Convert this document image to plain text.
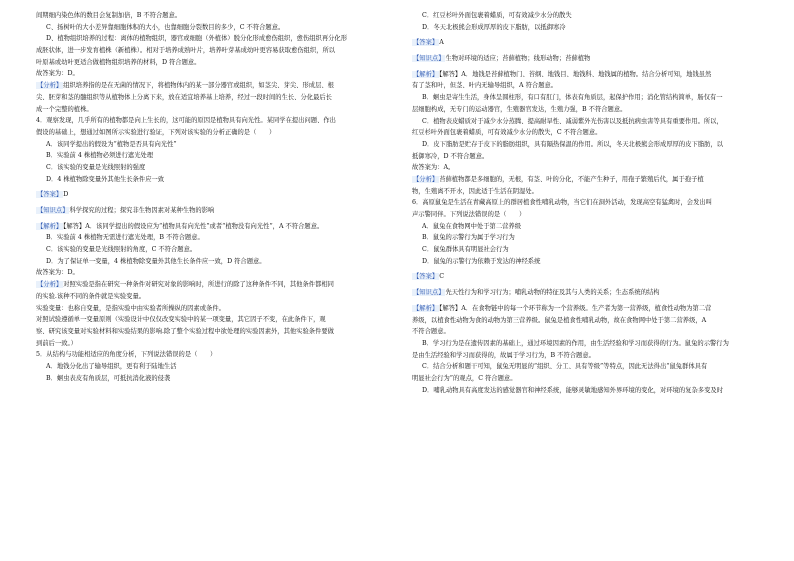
间期细内染色体的数目会复制加倍，B 不符合题意。
C、扬树叶的大小差异靠细胞体积的大小，也靠细胞分裂数目的多少，C 不符合题意。
D、植物组织培养的过程：离体的植物组织，器官或细胞（外植体）脱分化形成愈伤组织，愈伤组织再分化形
成胚状体，进一步发育植株（新植株）。相对于培养成熟叶片，培养叶芽基成幼叶更容易获取愈伤组织，所以
叶原基或幼叶更适合做植物组织培养的材料，D 符合题意。
故答案为：D。
【分析】组织培养指的是在无菌的情况下，将植物体内的某一部分器官或组织，如茎尖、芽尖、形成层、根
尖、胚芽和茎的髓组织等从植物体上分离下来，放在适宜培养基上培养，经过一段时间的生长、分化最后长
成一个完整的植株。
4．观察发现，几乎所有的植物都是向上生长的，这可能的原因是植物具有向光性。某同学在提出问题、作出
假设的基础上，想通过如图所示实验进行验证，下列对该实验的分析正确的是（　　）
A．该同学提出的假设为“植物是否具有向光性”
B．实验前 4 株植物必须进行遮光处理
C．该实验的变量是光线照射的强度
D．4 株植物除变量外其他生长条件应一致
【答案】D
【知识点】科学探究的过程；探究非生物因素对某种生物的影响
【解析】【解答】A．该同学提出的假设应为“植物具有向光性”或者“植物没有向光性”，A 不符合题意。
B．实验前 4 株植物无需进行遮光处理，B 不符合题意。
C．该实验的变量是光线照射的角度，C 不符合题意。
D．为了保证单一变量，4 株植物除变量外其他生长条件应一致，D 符合题意。
故答案为：D。
【分析】对照实验是指在研究一种条件对研究对象的影响时，所进行的除了这种条件不同，其他条件都相同
的实验.该种不同的条件就是实验变量。
实验变量：也称自变量，是指实验中由实验者所操纵的因素或条件。
对照试验遵循单一变量原则（实验设计中仅仅改变实验中的某一项变量，其它因子不变，在此条件下，观
察、研究该变量对实验材料和实验结果的影响.除了整个实验过程中欲处理的实验因素外，其他实验条件要做
到前后一致。）
5．从结构与功能相适应的角度分析，下列说法错误的是（　　）
A．地钱分化出了输导组织，更有利于陆地生活
B．蛔虫表皮有角质层，可抵抗消化液的侵袭
C．红豆杉叶外面包裹着蜡质，可有效减少水分的散失
D．冬天北极熊会形成厚厚的皮下脂肪，以抵御寒冷
【答案】A
【知识点】生物对环境的适应；苔藓植物；线形动物；苔藓植物
【解析】【解答】A．地钱是苔藓植物门、苔纲、地钱目、地钱科、地钱属的植物。结合分析可知，地钱虽然
有了茎和叶，但茎、叶内无输导组织，A 符合题意。
B．蛔虫是寄生生活，身体呈圆柱形，有口有肛门，体表有角质层，起保护作用；消化管结构简单，肠仅有一
层细胞构成，无专门的运动器官，生殖器官发达，生殖力强，B 不符合题意。
C．植物表皮蜡质对于减少水分蒸腾、提高耐旱性、减弱紫外光伤害以及抵抗病虫害等具有重要作用。所以，
红豆杉叶外面包裹着蜡质，可有效减少水分的散失，C 不符合题意。
D．皮下脂肪是贮存于皮下的脂肪组织，具有隔热保温的作用。所以，冬天北极熊会形成厚厚的皮下脂肪，以
抵御寒冷，D 不符合题意。
故答案为：A。
【分析】苔藓植物都是多细胞的，无根，有茎、叶的分化，不能产生种子，用孢子繁殖后代，属于孢子植
物，生殖离不开水，因此适于生活在阴湿处。
6．高原鼠兔是生活在青藏高原上的群居植食性哺乳动物，当它们在洞外活动，发现高空有猛禽时，会发出叫
声示警同伴。下列说法错误的是（　　）
A．鼠兔在食物网中处于第二营养级
B．鼠兔的示警行为属于学习行为
C．鼠兔群体具有明显社会行为
D．鼠兔的示警行为依赖于发达的神经系统
【答案】C
【知识点】先天性行为和学习行为；哺乳动物的特征及其与人类的关系；生态系统的结构
【解析】【解答】A．在食物链中的每一个环节称为一个营养级。生产者为第一营养级，植食性动物为第二营
养级，以植食性动物为食的动物为第三营养级。鼠兔是植食性哺乳动物，故在食物网中处于第二营养级，A
不符合题意。
B．学习行为是在遗传因素的基础上，通过环境因素的作用，由生活经验和学习而获得的行为。鼠兔的示警行为
是由生活经验和学习而获得的，故属于学习行为，B 不符合题意。
C．结合分析和题干可知，鼠兔无明显的“组织、分工、具有等级”等特点，因此无法得出“鼠兔群体具有
明显社会行为”的观点，C 符合题意。
D．哺乳动物具有高度发达的感觉器官和神经系统，能够灵敏地感知外界环境的变化，对环境的复杂多变及时
